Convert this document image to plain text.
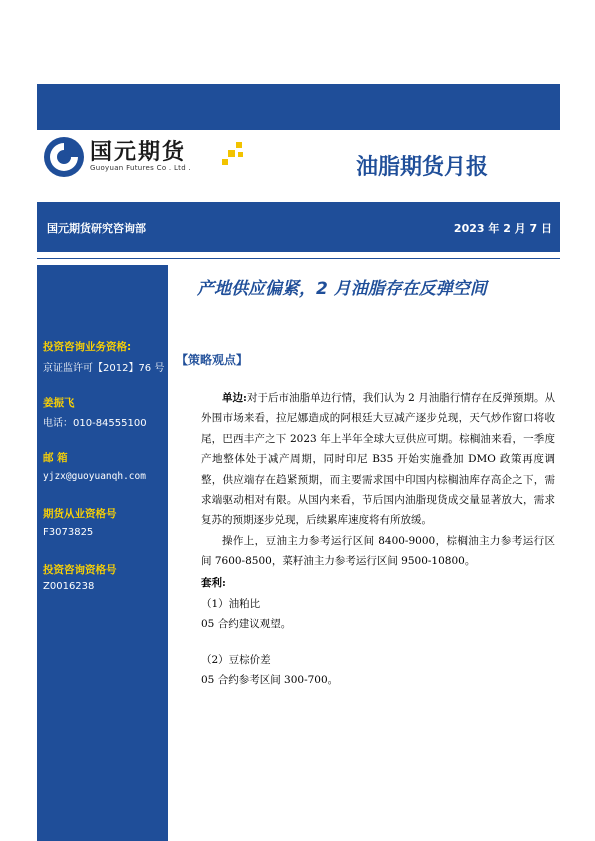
国元期货
Guoyuan Futures Co . Ltd .	油脂期货月报
国元期货研究咨询部	2023 年 2 月 7 日
投资咨询业务资格:
京证监许可【2012】76 号
姜振飞
电话：010-84555100
邮 箱
yjzx@guoyuanqh.com
期货从业资格号
F3073825
投资咨询资格号
Z0016238
产地供应偏紧，2 月油脂存在反弹空间
【策略观点】

单边:对于后市油脂单边行情，我们认为 2 月油脂行情存在反弹预期。从外围市场来看，拉尼娜造成的阿根廷大豆减产逐步兑现，天气炒作窗口将收尾，巴西丰产之下 2023 年上半年全球大豆供应可期。棕榈油来看，一季度产地整体处于减产周期，同时印尼 B35 开始实施叠加 DMO 政策再度调整，供应端存在趋紧预期，而主要需求国中印国内棕榈油库存高企之下，需求端驱动相对有限。从国内来看，节后国内油脂现货成交量显著放大，需求复苏的预期逐步兑现，后续累库速度将有所放缓。

操作上，豆油主力参考运行区间 8400-9000，棕榈油主力参考运行区间 7600-8500，菜籽油主力参考运行区间 9500-10800。

套利:
（1）油粕比
05 合约建议观望。
（2）豆棕价差
05 合约参考区间 300-700。
